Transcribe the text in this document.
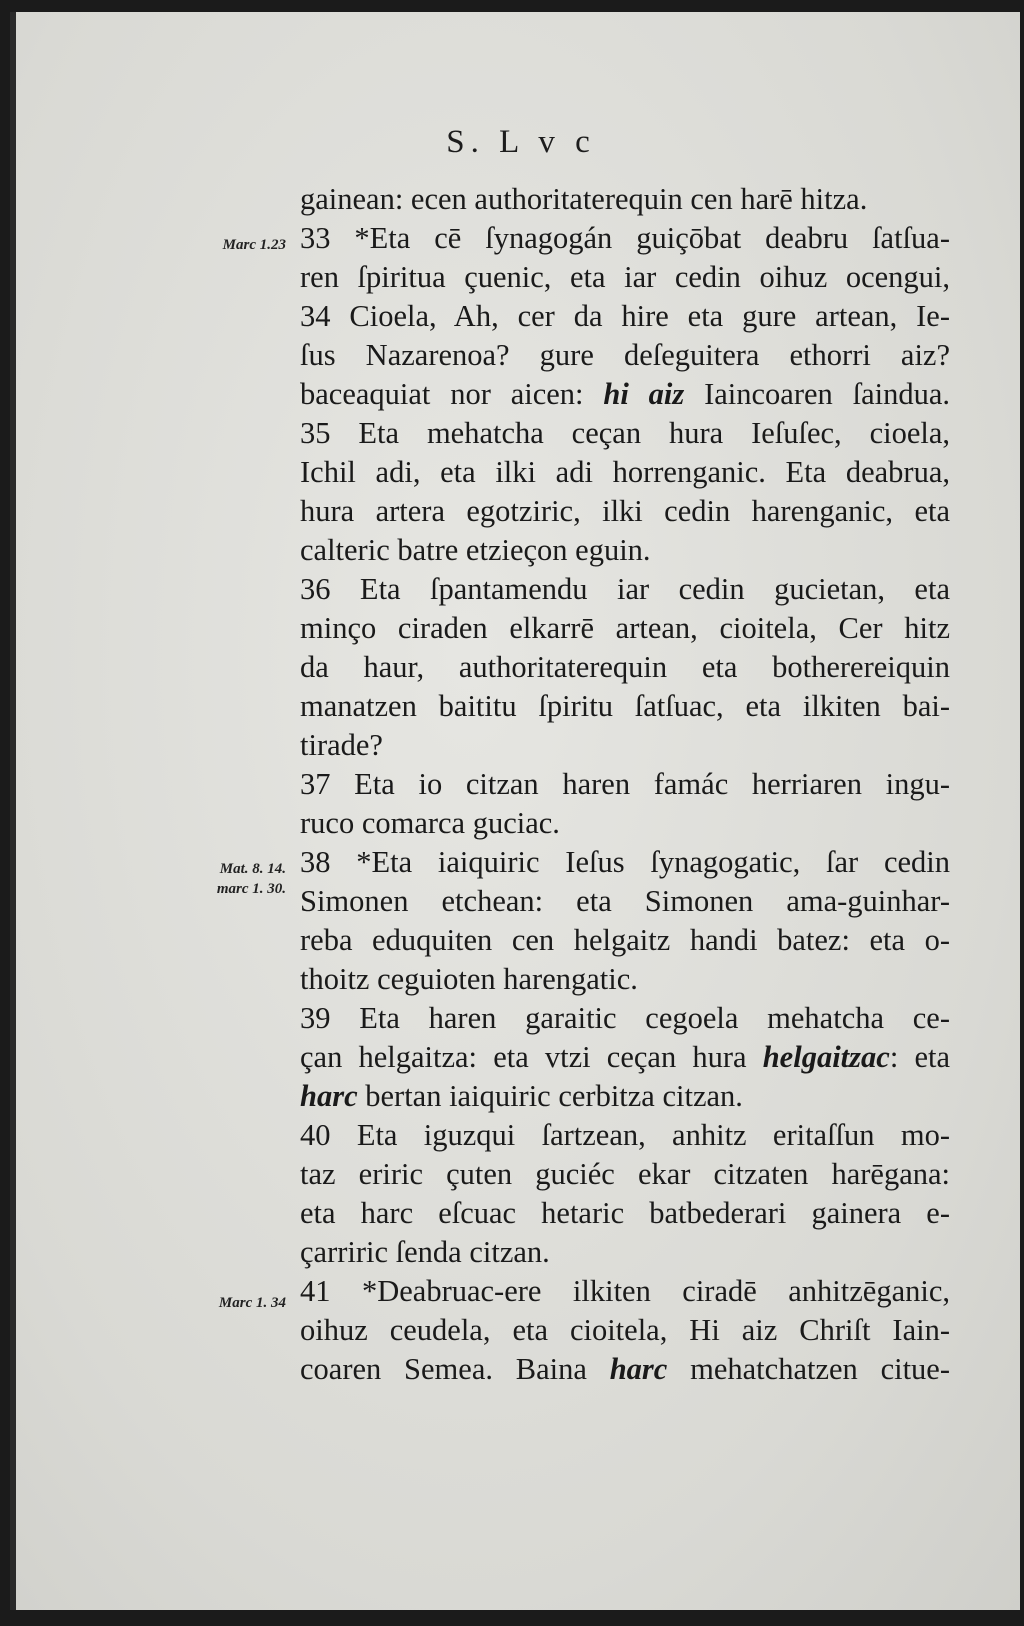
S. L v c
Marc 1.23
Mat. 8. 14.
marc 1. 30.
Marc 1. 34
gainean: ecen authoritaterequin cen harē hitza.
33 *Eta cē ſynagogán guiçōbat deabru ſatſua-
ren ſpiritua çuenic, eta iar cedin oihuz ocengui,
34 Cioela, Ah, cer da hire eta gure artean, Ie-
ſus Nazarenoa? gure deſeguitera ethorri aiz?
baceaquiat nor aicen: hi aiz Iaincoaren ſaindua.
35 Eta mehatcha ceçan hura Ieſuſec, cioela,
Ichil adi, eta ilki adi horrenganic. Eta deabrua,
hura artera egotziric, ilki cedin harenganic, eta
calteric batre etzieçon eguin.
36 Eta ſpantamendu iar cedin gucietan, eta
minço ciraden elkarrē artean, cioitela, Cer hitz
da haur, authoritaterequin eta botherereiquin
manatzen baititu ſpiritu ſatſuac, eta ilkiten bai-
tirade?
37 Eta io citzan haren famác herriaren ingu-
ruco comarca guciac.
38 *Eta iaiquiric Ieſus ſynagogatic, ſar cedin
Simonen etchean: eta Simonen ama-guinhar-
reba eduquiten cen helgaitz handi batez: eta o-
thoitz ceguioten harengatic.
39 Eta haren garaitic cegoela mehatcha ce-
çan helgaitza: eta vtzi ceçan hura helgaitzac: eta
harc bertan iaiquiric cerbitza citzan.
40 Eta iguzqui ſartzean, anhitz eritaſſun mo-
taz eriric çuten guciéc ekar citzaten harēgana:
eta harc eſcuac hetaric batbederari gainera e-
çarriric ſenda citzan.
41 *Deabruac-ere ilkiten ciradē anhitzēganic,
oihuz ceudela, eta cioitela, Hi aiz Chriſt Iain-
coaren Semea. Baina harc mehatchatzen citue-
